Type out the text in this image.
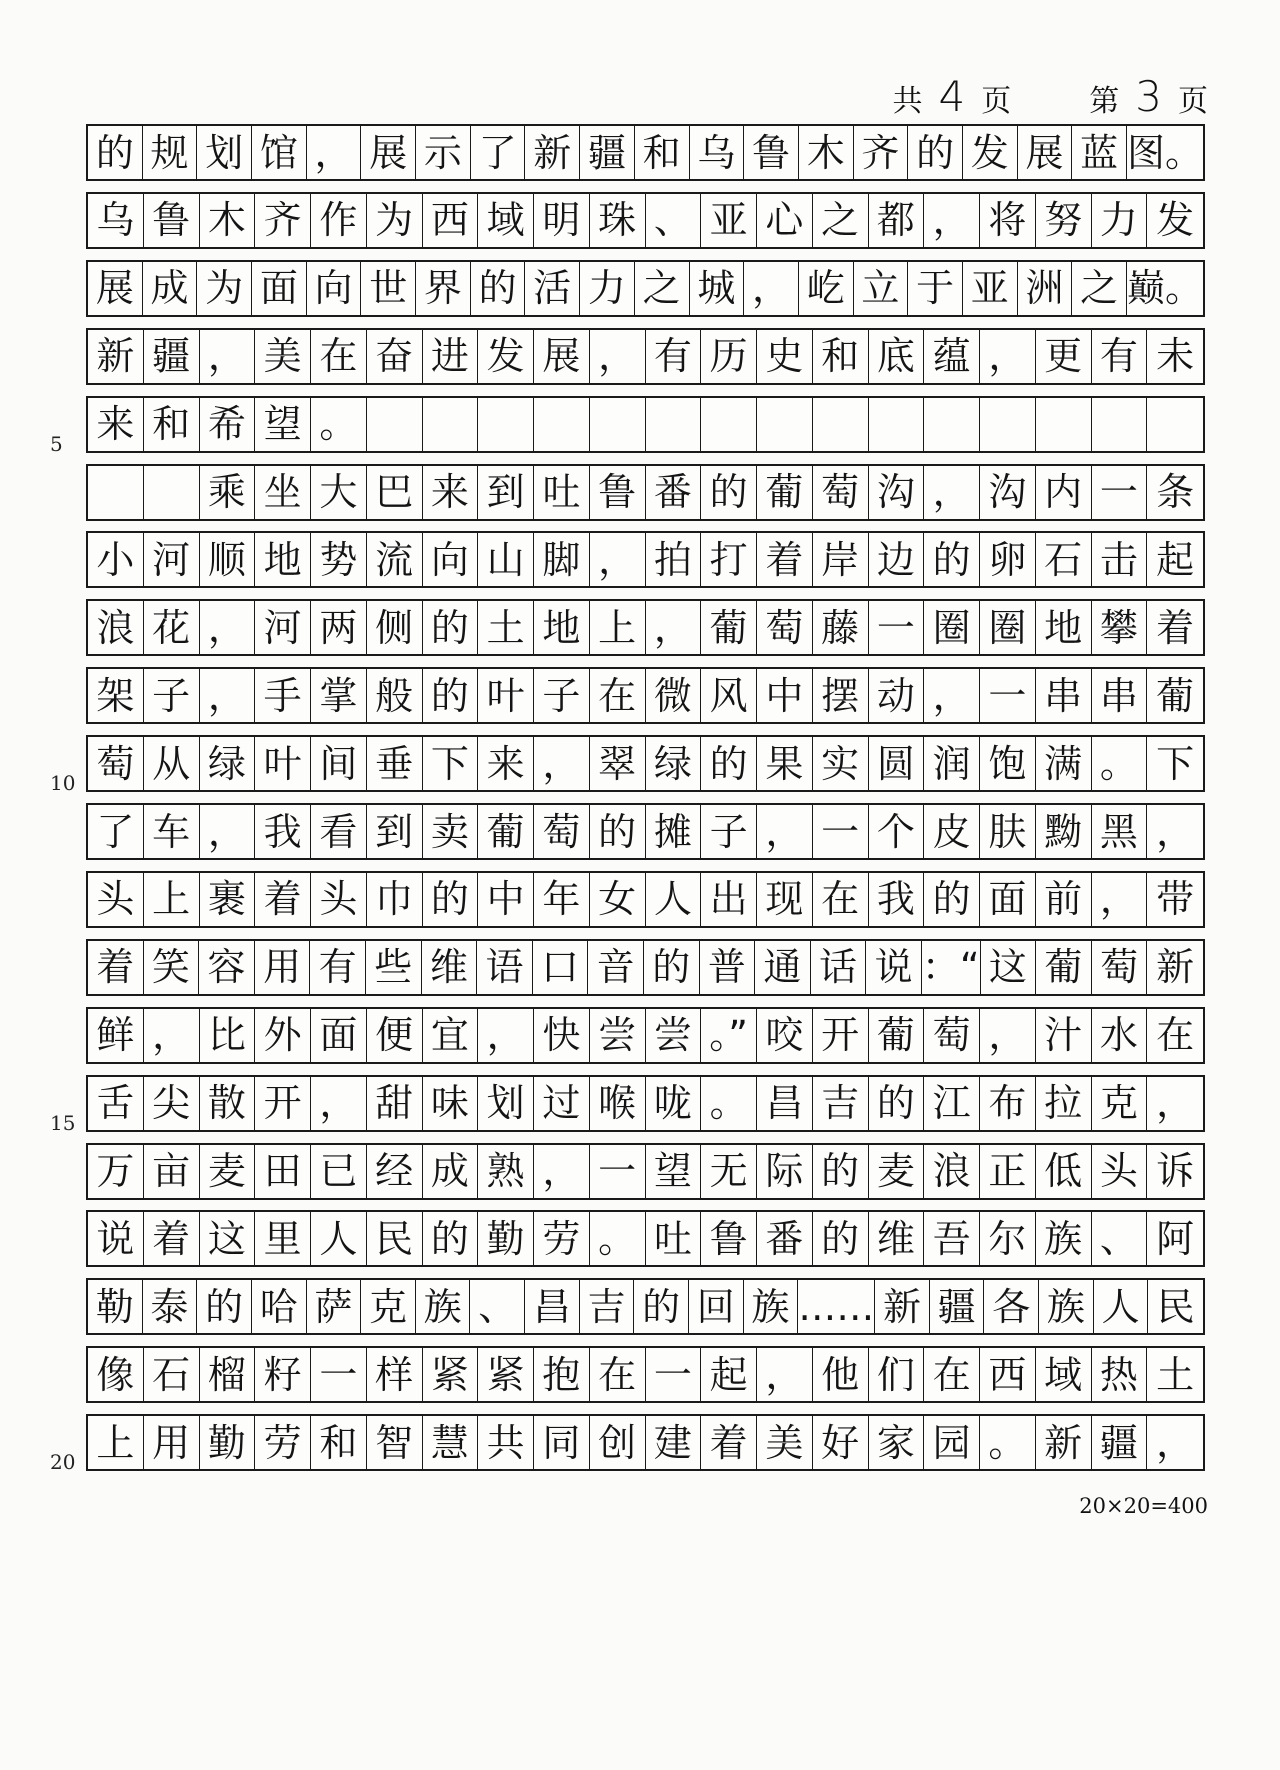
共 4 页	第 3 页
的 规 划 馆 ， 展 示 了 新 疆 和 乌 鲁 木 齐 的 发 展 蓝 图。
乌 鲁 木 齐 作 为 西 域 明 珠 、 亚 心 之 都 ， 将 努 力 发
展 成 为 面 向 世 界 的 活 力 之 城 ， 屹 立 于 亚 洲 之 巅。
新 疆 ， 美 在 奋 进 发 展 ， 有 历 史 和 底 蕴 ， 更 有 未
来 和 希 望 。
乘 坐 大 巴 来 到 吐 鲁 番 的 葡 萄 沟 ， 沟 内 一 条
小 河 顺 地 势 流 向 山 脚 ， 拍 打 着 岸 边 的 卵 石 击 起
浪 花 ， 河 两 侧 的 土 地 上 ， 葡 萄 藤 一 圈 圈 地 攀 着
架 子 ， 手 掌 般 的 叶 子 在 微 风 中 摆 动 ， 一 串 串 葡
萄 从 绿 叶 间 垂 下 来 ， 翠 绿 的 果 实 圆 润 饱 满 。 下
了 车 ， 我 看 到 卖 葡 萄 的 摊 子 ， 一 个 皮 肤 黝 黑 ，
头 上 裹 着 头 巾 的 中 年 女 人 出 现 在 我 的 面 前 ， 带
着 笑 容 用 有 些 维 语 口 音 的 普 通 话 说 ：“ 这 葡 萄 新
鲜 ， 比 外 面 便 宜 ， 快 尝 尝 。” 咬 开 葡 萄 ， 汁 水 在
舌 尖 散 开 ， 甜 味 划 过 喉 咙 。 昌 吉 的 江 布 拉 克 ，
万 亩 麦 田 已 经 成 熟 ， 一 望 无 际 的 麦 浪 正 低 头 诉
说 着 这 里 人 民 的 勤 劳 。 吐 鲁 番 的 维 吾 尔 族 、 阿
勒 泰 的 哈 萨 克 族 、 昌 吉 的 回 族 …… 新 疆 各 族 人 民
像 石 榴 籽 一 样 紧 紧 抱 在 一 起 ， 他 们 在 西 域 热 土
上 用 勤 劳 和 智 慧 共 同 创 建 着 美 好 家 园 。 新 疆 ，
20×20=400
5
10
15
20
